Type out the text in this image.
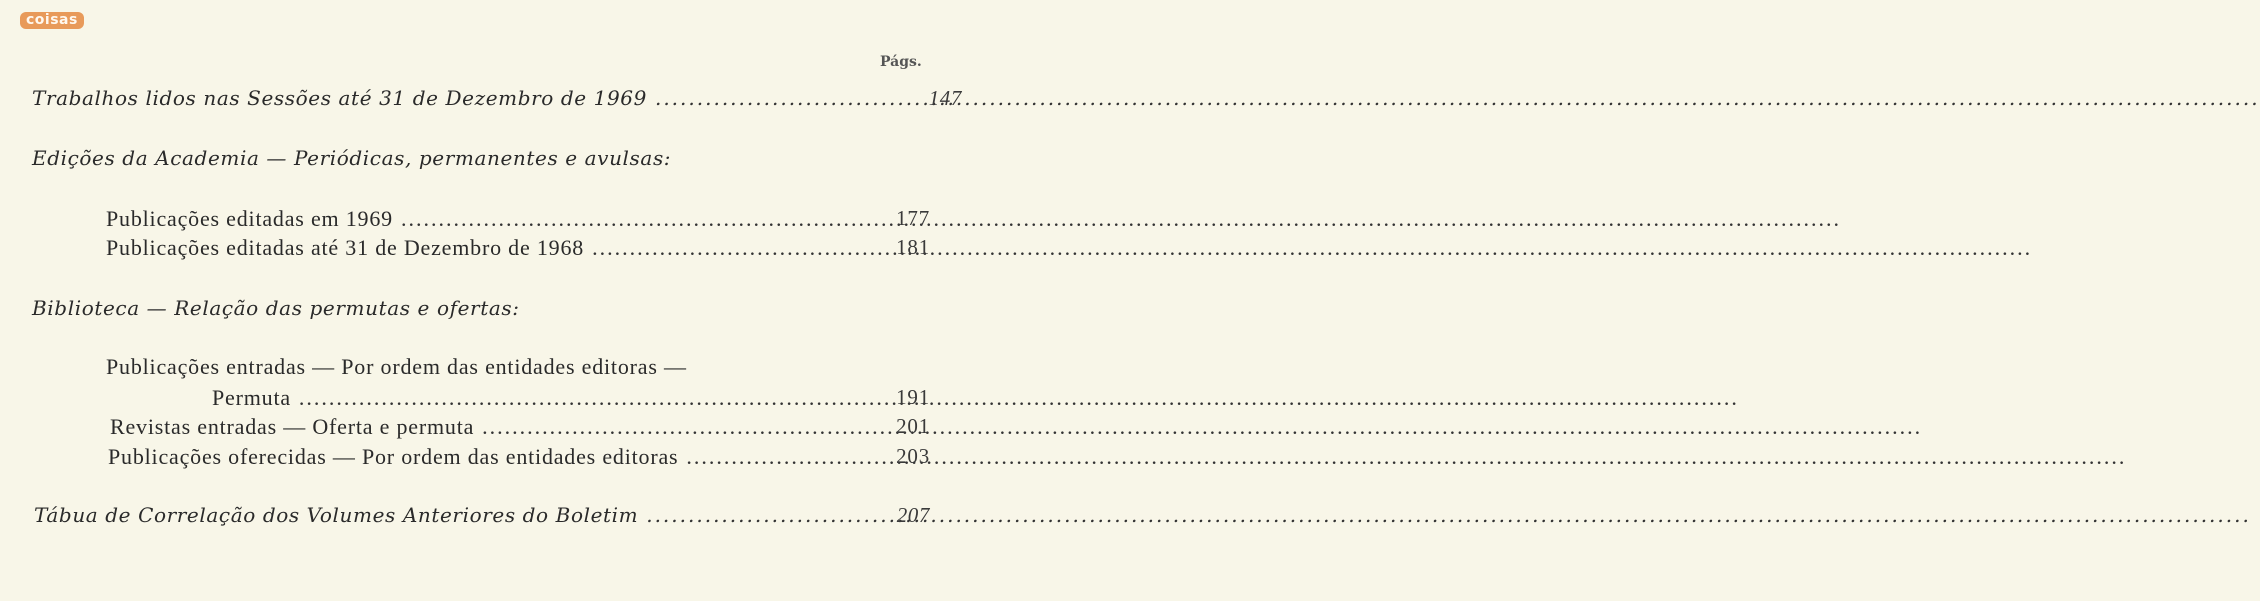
coisas
Págs.
Trabalhos lidos nas Sessões até 31 de Dezembro de 1969 .....	147
Edições da Academia — Periódicas, permanentes e avulsas:
Publicações editadas em 1969 .....	177
Publicações editadas até 31 de Dezembro de 1968 .....	181
Biblioteca — Relação das permutas e ofertas:
Publicações entradas — Por ordem das entidades editoras —
Permuta .....	191
Revistas entradas — Oferta e permuta .....	201
Publicações oferecidas — Por ordem das entidades editoras .....	203
Tábua de Correlação dos Volumes Anteriores do Boletim .....	207
